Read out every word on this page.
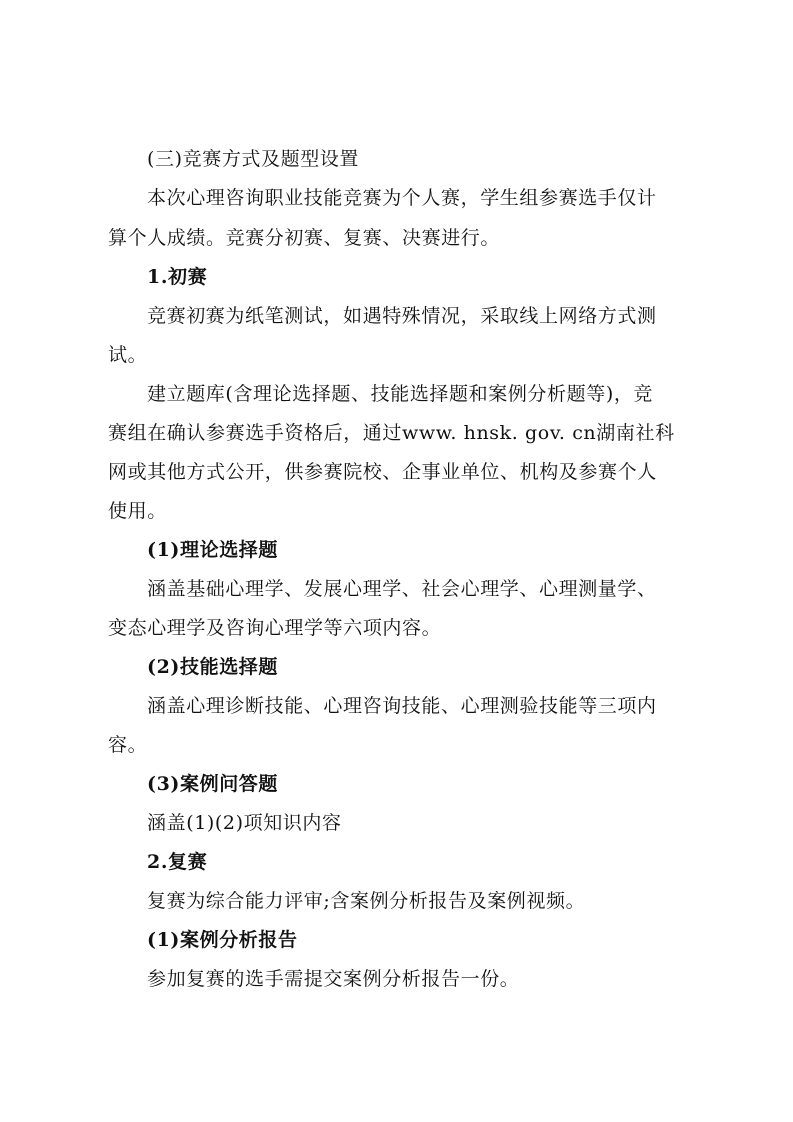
(三)竞赛方式及题型设置
本次心理咨询职业技能竞赛为个人赛，学生组参赛选手仅计
算个人成绩。竞赛分初赛、复赛、决赛进行。
1.初赛
竞赛初赛为纸笔测试，如遇特殊情况，采取线上网络方式测
试。
建立题库(含理论选择题、技能选择题和案例分析题等)，竞
赛组在确认参赛选手资格后，通过www. hnsk. gov. cn湖南社科
网或其他方式公开，供参赛院校、企事业单位、机构及参赛个人
使用。
(1)理论选择题
涵盖基础心理学、发展心理学、社会心理学、心理测量学、
变态心理学及咨询心理学等六项内容。
(2)技能选择题
涵盖心理诊断技能、心理咨询技能、心理测验技能等三项内
容。
(3)案例问答题
涵盖(1)(2)项知识内容
2.复赛
复赛为综合能力评审;含案例分析报告及案例视频。
(1)案例分析报告
参加复赛的选手需提交案例分析报告一份。
